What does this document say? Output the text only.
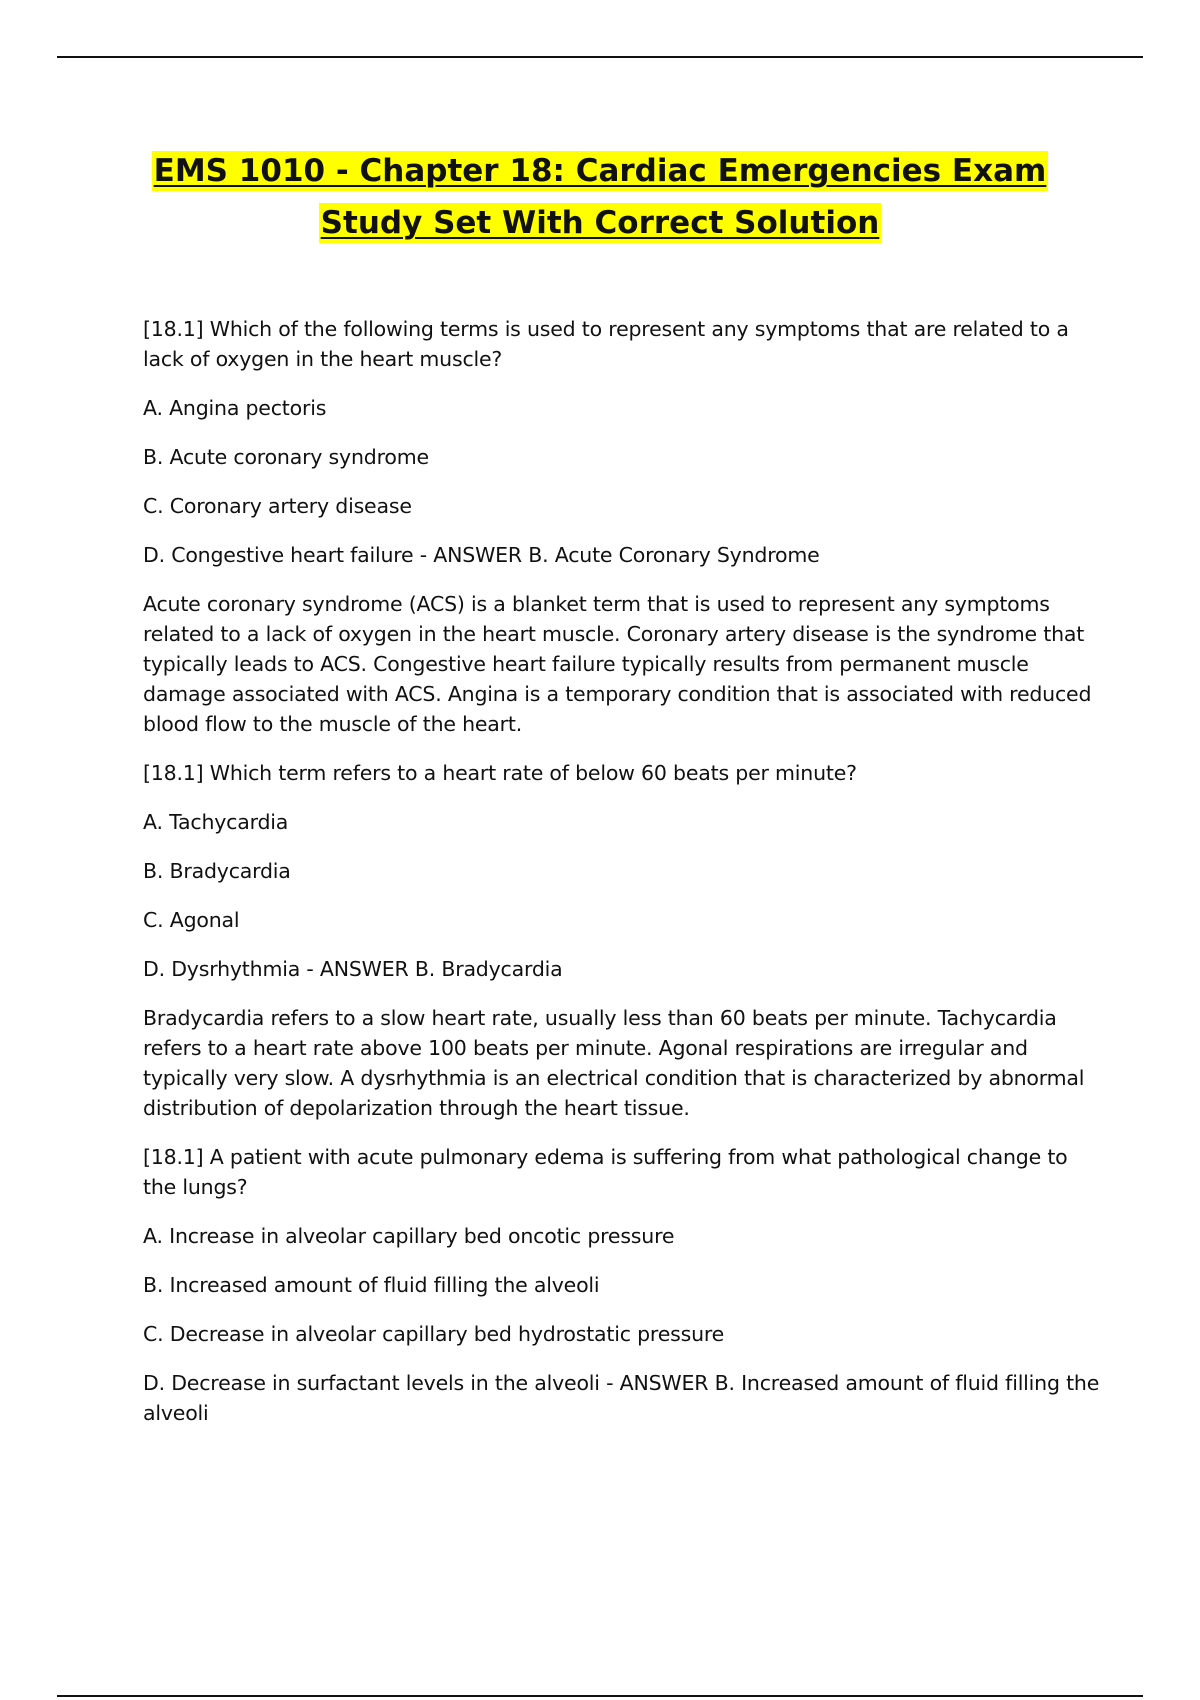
EMS 1010 - Chapter 18: Cardiac Emergencies Exam
Study Set With Correct Solution

[18.1] Which of the following terms is used to represent any symptoms that are related to a lack of oxygen in the heart muscle?

A. Angina pectoris

B. Acute coronary syndrome

C. Coronary artery disease

D. Congestive heart failure - ANSWER B. Acute Coronary Syndrome

Acute coronary syndrome (ACS) is a blanket term that is used to represent any symptoms related to a lack of oxygen in the heart muscle. Coronary artery disease is the syndrome that typically leads to ACS. Congestive heart failure typically results from permanent muscle damage associated with ACS. Angina is a temporary condition that is associated with reduced blood flow to the muscle of the heart.

[18.1] Which term refers to a heart rate of below 60 beats per minute?

A. Tachycardia

B. Bradycardia

C. Agonal

D. Dysrhythmia - ANSWER B. Bradycardia

Bradycardia refers to a slow heart rate, usually less than 60 beats per minute. Tachycardia refers to a heart rate above 100 beats per minute. Agonal respirations are irregular and typically very slow. A dysrhythmia is an electrical condition that is characterized by abnormal distribution of depolarization through the heart tissue.

[18.1] A patient with acute pulmonary edema is suffering from what pathological change to the lungs?

A. Increase in alveolar capillary bed oncotic pressure

B. Increased amount of fluid filling the alveoli

C. Decrease in alveolar capillary bed hydrostatic pressure

D. Decrease in surfactant levels in the alveoli - ANSWER B. Increased amount of fluid filling the alveoli
